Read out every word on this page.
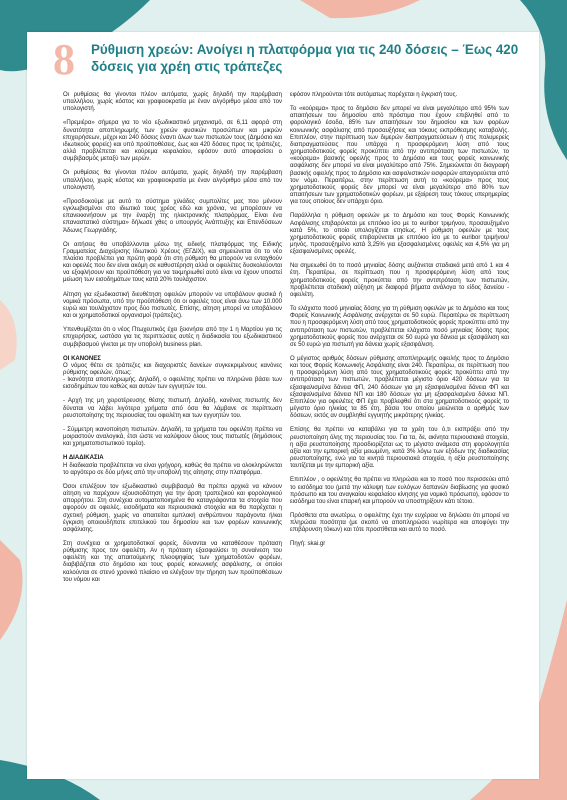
8 Ρύθμιση χρεών: Ανοίγει η πλατφόρμα για τις 240 δόσεις – Έως 420 δόσεις για χρέη στις τράπεζες

Οι ρυθμίσεις θα γίνονται πλέον αυτόματα, χωρίς δηλαδή την παρέμβαση υπαλλήλου, χωρίς κόστος και γραφειοκρατία με έναν αλγόριθμο μέσα από τον υπολογιστή.

«Πρεμιέρα» σήμερα για το νέο εξωδικαστικό μηχανισμό, σε 6,11 αφορά στη δυνατότητα αποπληρωμής των χρεών φυσικών προσώπων και μικρών επιχειρήσεων, μέχρι και 240 δόσεις έναντι όλων των πιστωτών τους (Δημόσιο και ιδιωτικούς φορείς) και υπό προϋποθέσεις, έως και 420 δόσεις προς τις τράπεζες, αλλά προβλέπεται και κούρεμα κεφαλαίου, εφόσον αυτό αποφασίσει ο συμβιβασμός μεταξύ των μερών.

Οι ρυθμίσεις θα γίνονται πλέον αυτόματα, χωρίς δηλαδή την παρέμβαση υπαλλήλου, χωρίς κόστος και γραφειοκρατία με έναν αλγόριθμο μέσα από τον υπολογιστή.

«Προσδοκούμε με αυτό το σύστημα χιλιάδες συμπολίτες μας που μένουν εγκλωβισμένοι στο ιδιωτικό τους χρέος εδώ και χρόνια, να μπορέσουν να επανεκκινήσουν με την έναρξη της ηλεκτρονικής πλατφόρμας. Είναι ένα επαναστατικό σύστημα» δήλωσε χθες ο υπουργός Ανάπτυξης και Επενδύσεων Άδωνις Γεωργιάδης.

Οι αιτήσεις θα υποβάλλονται μέσω της ειδικής πλατφόρμας της Ειδικής Γραμματείας Διαχείρισης Ιδιωτικού Χρέους (ΕΓΔΙΧ), και σημειώνεται ότι το νέο πλαίσιο προβλέπει για πρώτη φορά ότι στη ρύθμιση θα μπορούν να ενταχθούν και οφειλές που δεν είναι ακόμη σε καθυστέρηση αλλά οι οφειλέτες δυσκολεύονται να εξοφλήσουν και προϋπόθεση για να τεκμηριωθεί αυτό είναι να έχουν υποστεί μείωση των εισοδημάτων τους κατά 20% τουλάχιστον.

Αίτηση για εξωδικαστική διευθέτηση οφειλών μπορούν να υποβάλουν φυσικά ή νομικά πρόσωπα, υπό την προϋπόθεση ότι οι οφειλές τους είναι άνω των 10.000 ευρώ και τουλάχιστον προς δύο πιστωτές. Επίσης, αίτηση μπορεί να υποβάλουν και οι χρηματοδοτικοί οργανισμοί (τράπεζες).

Υπενθυμίζεται ότι ο νέος Πτωχευτικός έχει ξεκινήσει από την 1 η Μαρτίου για τις επιχειρήσεις, ωστόσο για τις περιπτώσεις αυτές η διαδικασία του εξωδικαστικού συμβιβασμού γίνεται με την υποβολή business plan.

ΟΙ ΚΑΝΟΝΕΣ

Ο νόμος θέτει σε τράπεζες και διαχειριστές δανείων συγκεκριμένους κανόνες ρύθμισης οφειλών, όπως:
- Ικανότητα αποπληρωμής. Δηλαδή, ο οφειλέτης πρέπει να πληρώνει βάσει των εισοδημάτων του καθώς και αυτών των εγγυητών του.

- Αρχή της μη χειροτέρευσης θέσης πιστωτή. Δηλαδή, κανένας πιστωτής δεν δύναται να λάβει λιγότερα χρήματα από όσα θα λάμβανε σε περίπτωση ρευστοποίησης της περιουσίας του οφειλέτη και των εγγυητών του.

- Σύμμετρη ικανοποίηση πιστωτών. Δηλαδή, τα χρήματα του οφειλέτη πρέπει να μοιραστούν αναλογικά, έτσι ώστε να καλύψουν όλους τους πιστωτές (δημόσιους και χρηματοπιστωτικού τομέα).

Η ΔΙΑΔΙΚΑΣΙΑ

Η διαδικασία προβλέπεται να είναι γρήγορη, καθώς θα πρέπει να ολοκληρώνεται το αργότερο σε δύο μήνες από την υποβολή της αίτησης στην πλατφόρμα.

Όσοι επιλέξουν τον εξωδικαστικό συμβιβασμό θα πρέπει αρχικά να κάνουν αίτηση να παρέχουν εξουσιοδότηση για την άρση τραπεζικού και φορολογικού απορρήτου. Στη συνέχεια αυτοματοποιημένα θα καταγράφονται τα στοιχεία που αφορούν σε οφειλές, εισοδήματα και περιουσιακά στοιχεία και θα παρέχεται η σχετική ρύθμιση, χωρίς να απαιτείται εμπλοκή ανθρώπινου παράγοντα ή/και έγκριση οποιουδήποτε επιτελικού του δημοσίου και των φορέων κοινωνικής ασφάλισης.

Στη συνέχεια οι χρηματοδοτικοί φορείς, δύνανται να καταθέσουν πρόταση ρύθμισης προς τον οφειλέτη. Αν η πρόταση εξασφαλίσει τη συναίνεση του οφειλέτη και της απαιτούμενης πλειοψηφίας των χρηματοδοτών φορέων, διαβιβάζεται στο δημόσιο και τους φορείς κοινωνικής ασφάλισης, οι οποίοι καλούνται σε στενό χρονικό πλαίσιο να ελέγξουν την τήρηση των προϋποθέσεων του νόμου και

εφόσον πληρούνται τότε αυτόματως παρέχεται η έγκρισή τους.

Το «κούρεμα» προς το δημόσιο δεν μπορεί να είναι μεγαλύτερο από 95% των απαιτήσεων του δημοσίου από πρόστιμα που έχουν επιβληθεί από το φορολογικό έσοδα, 85% των απαιτήσεων του δημοσίου και των φορέων κοινωνικής ασφάλισης από προσαυξήσεις και τόκους εκπρόθεσμης καταβολής. Επιπλέον, στην περίπτωση των διμερών διαπραγματεύσεων ή στις πολυμερείς διαπραγματεύσεις που υπάρχει η προσφερόμενη λύση από τους χρηματοδοτικούς φορείς προκύπτει από την αντιπρόταση των πιστωτών, το «κούρεμα» βασικής οφειλής προς το Δημόσιο και τους φορείς κοινωνικής ασφάλισης δεν μπορεί να είναι μεγαλύτερο από 75%. Σημειώνεται ότι διαγραφή βασικής οφειλής προς το Δημόσιο και ασφαλιστικών εισφορών απαγορεύεται από τον νόμο. Περαιτέρω, στην περίπτωση αυτή το «κούρεμα» προς τους χρηματοδοτικούς φορείς δεν μπορεί να είναι μεγαλύτερο από 80% των απαιτήσεων των χρηματοδοτικών φορέων, με εξαίρεση τους τόκους υπερημερίας για τους οποίους δεν υπάρχει όριο.

Παράλληλα η ρύθμιση οφειλών με το Δημόσιο και τους Φορείς Κοινωνικής Ασφάλισης επιβαρύνεται με επιτόκιο ίσο με το euribor τριμήνου, προσαυξημένο κατά 5%, το οποίο υπολογίζεται ετησίως. Η ρύθμιση οφειλών με τους χρηματοδοτικούς φορείς επιβαρύνεται με επιτόκιο ίσο με το euribor τριμήνου/μηνός, προσαυξημένο κατά 3,25% για εξασφαλισμένες οφειλές και 4,5% για μη εξασφαλισμένες οφειλές.

Να σημειωθεί ότι το ποσό μηνιαίας δόσης αυξάνεται σταδιακά μετά από 1 και 4 έτη. Περαιτέρω, σε περίπτωση που η προσφερόμενη λύση από τους χρηματοδοτικούς φορείς προκύπτει από την αντιπρόταση των πιστωτών, προβλέπεται σταδιακή αύξηση με διαφορά βήματα ανάλογα το είδος δανείου - οφειλέτη.

Το ελάχιστο ποσό μηνιαίας δόσης για τη ρύθμιση οφειλών με το Δημόσιο και τους Φορείς Κοινωνικής Ασφάλισης ανέρχεται σε 50 ευρώ. Περαιτέρω σε περίπτωση που η προσφερόμενη λύση από τους χρηματοδοτικούς φορείς προκύπτει από την αντιπρόταση των πιστωτών, προβλέπεται ελάχιστο ποσό μηνιαίας δόσης προς χρηματοδοτικούς φορείς που ανέρχεται σε 50 ευρώ για δάνεια με εξασφάλιση και σε 50 ευρώ για πιστωτή για δάνεια χωρίς εξασφάλιση.

Ο μέγιστος αριθμός δόσεων ρύθμισης αποπληρωμής οφειλής προς το Δημόσιο και τους Φορείς Κοινωνικής Ασφάλισης είναι 240. Περαιτέρω, σε περίπτωση που η προσφερόμενη λύση από τους χρηματοδοτικούς φορείς προκύπτει από την αντιπρόταση των πιστωτών, προβλέπεται μέγιστο όριο 420 δόσεων για τα εξασφαλισμένα δάνεια ΦΠ, 240 δόσεων για μη εξασφαλισμένα δάνεια ΦΠ και εξασφαλισμένα δάνεια ΝΠ και 180 δόσεων για μη εξασφαλισμένα δάνεια ΝΠ. Επιπλέον για οφειλέτες ΦΠ έχει προβλεφθεί ότι στα χρηματοδοτικούς φορείς το μέγιστο όριο ηλικίας τα 85 έτη, βάσει του οποίου μειώνεται ο αριθμός των δόσεων, εκτός αν συμβληθεί εγγυητής μικρότερης ηλικίας.

Επίσης θα πρέπει να καταβάλει για τα χρέη του ό,τι εισπράξει από την ρευστοποίηση όλης της περιουσίας του. Για τα, δε, ακίνητα περιουσιακά στοιχεία, η αξία ρευστοποίησης προσδιορίζεται ως το μέγιστο ανάμεσα στη φορολογητέα αξία και την εμπορική αξία μειωμένη, κατά 3% λόγω των εξόδων της διαδικασίας ρευστοποίησης, ενώ για τα κινητά περιουσιακά στοιχεία, η αξία ρευστοποίησης ταυτίζεται με την εμπορική αξία.

Επιπλέον , ο οφειλέτης θα πρέπει να πληρώσει και το ποσό που περισσεύει από το εισόδημα του (μετά την κάλυψη των ευλόγων δαπανών διαβίωσης για φυσικό πρόσωπο και του αναγκαίου κεφαλαίου κίνησης για νομικό πρόσωπο), εφόσον το εισόδημα του είναι επαρκή και μπορούν να υποστηρίξουν κάτι τέτοιο.

Πρόσθετα στα ανωτέρω, ο οφειλέτης έχει την ευχέρεια να δηλώσει ότι μπορεί να πληρώσει ποσότητα (με σκοπό να αποπληρώσει νωρίτερα και αποφύγει την επιβάρυνση τόκων) και τότε προστίθεται και αυτό το ποσό.

Πηγή: skai.gr
